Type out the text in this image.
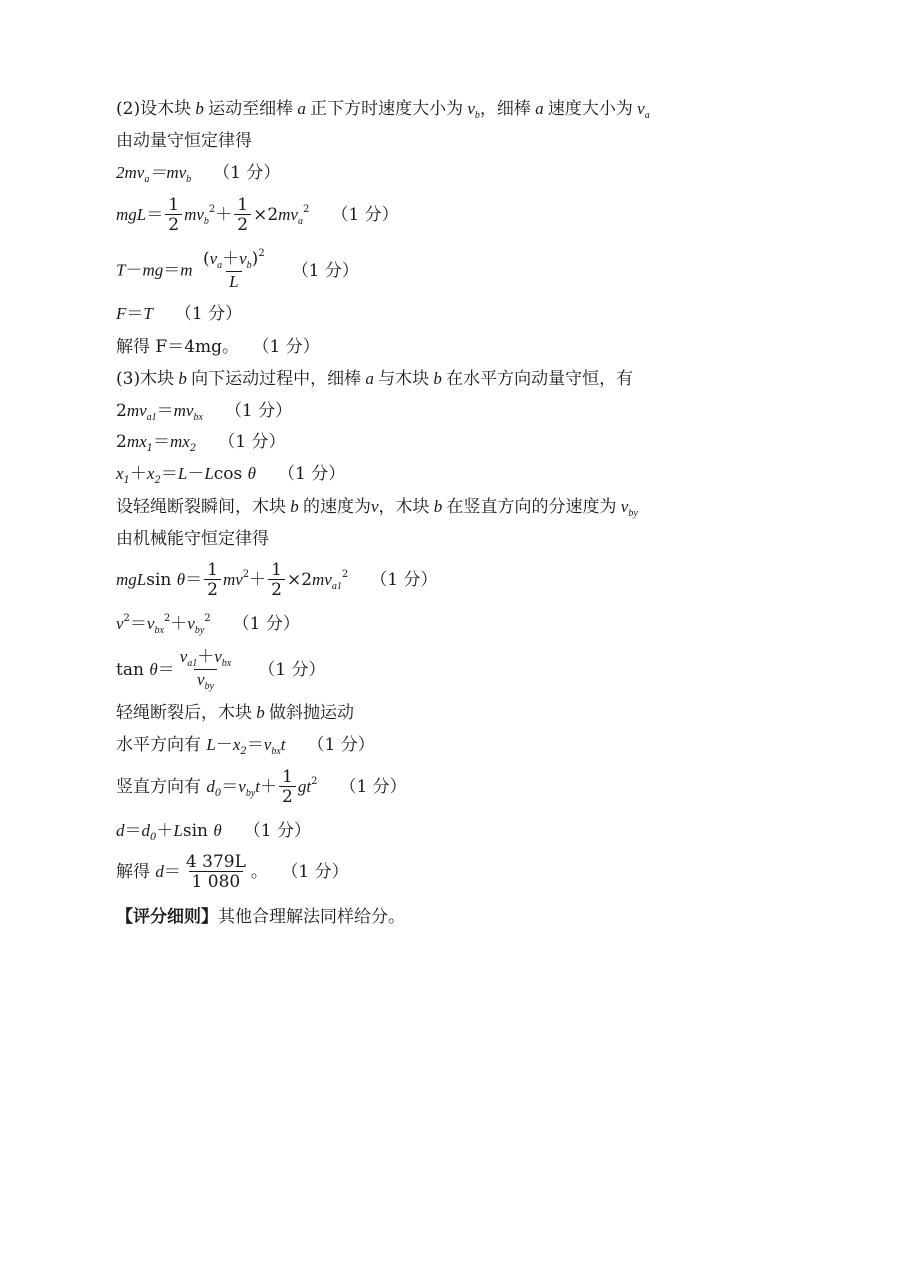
(2)设木块 b 运动至细棒 a 正下方时速度大小为 $v_b$，细棒 a 速度大小为 $v_a$
由动量守恒定律得
$2mv_a=mv_b$ （1 分）
$mgL= \frac{1}{2} mv_b^2+ \frac{1}{2} \times 2mv_a^2$ （1 分）
$T-mg=m \frac{(v_a+v_b)^2}{L} (1$ 分）
F＝T （1 分）
解得 F＝4mg。 （1 分）
(3)木块 b 向下运动过程中，细棒 a 与木块 b 在水平方向动量守恒，有
$2mv_{a1}=mv_{bx}$ （1 分）
$2mx_1=mx_2$ （1 分）
$x_1+x_2=L-Lcos$ θ （1 分）
设轻绳断裂瞬间，木块 b 的速度为v，木块 b 在竖直方向的分速度为 $v_{by}$
由机械能守恒定律得
mgLsin $\theta= \frac{1}{2} mv^2+ \frac{1}{2} \times 2mv_{a1}^2$ （1 分）
$v^2=v_{bx}^2+v_{by}^2$ （1 分）
$\tan \theta= \frac{v_{a1}+v_{bx}}{v_{by}} (1$ 分）
轻绳断裂后，木块 b 做斜抛运动
水平方向有 $L-x_2=v_{bx}t$ （1 分）
竖直方向有 $d_0=v_{by}t+ \frac{1}{2} gt^2$ （1 分）
$d=d_0+Lsin$ θ （1 分）
解得 $d= \frac{4 379L}{1 080}$ 。 （1 分）
【评分细则】其他合理解法同样给分。
